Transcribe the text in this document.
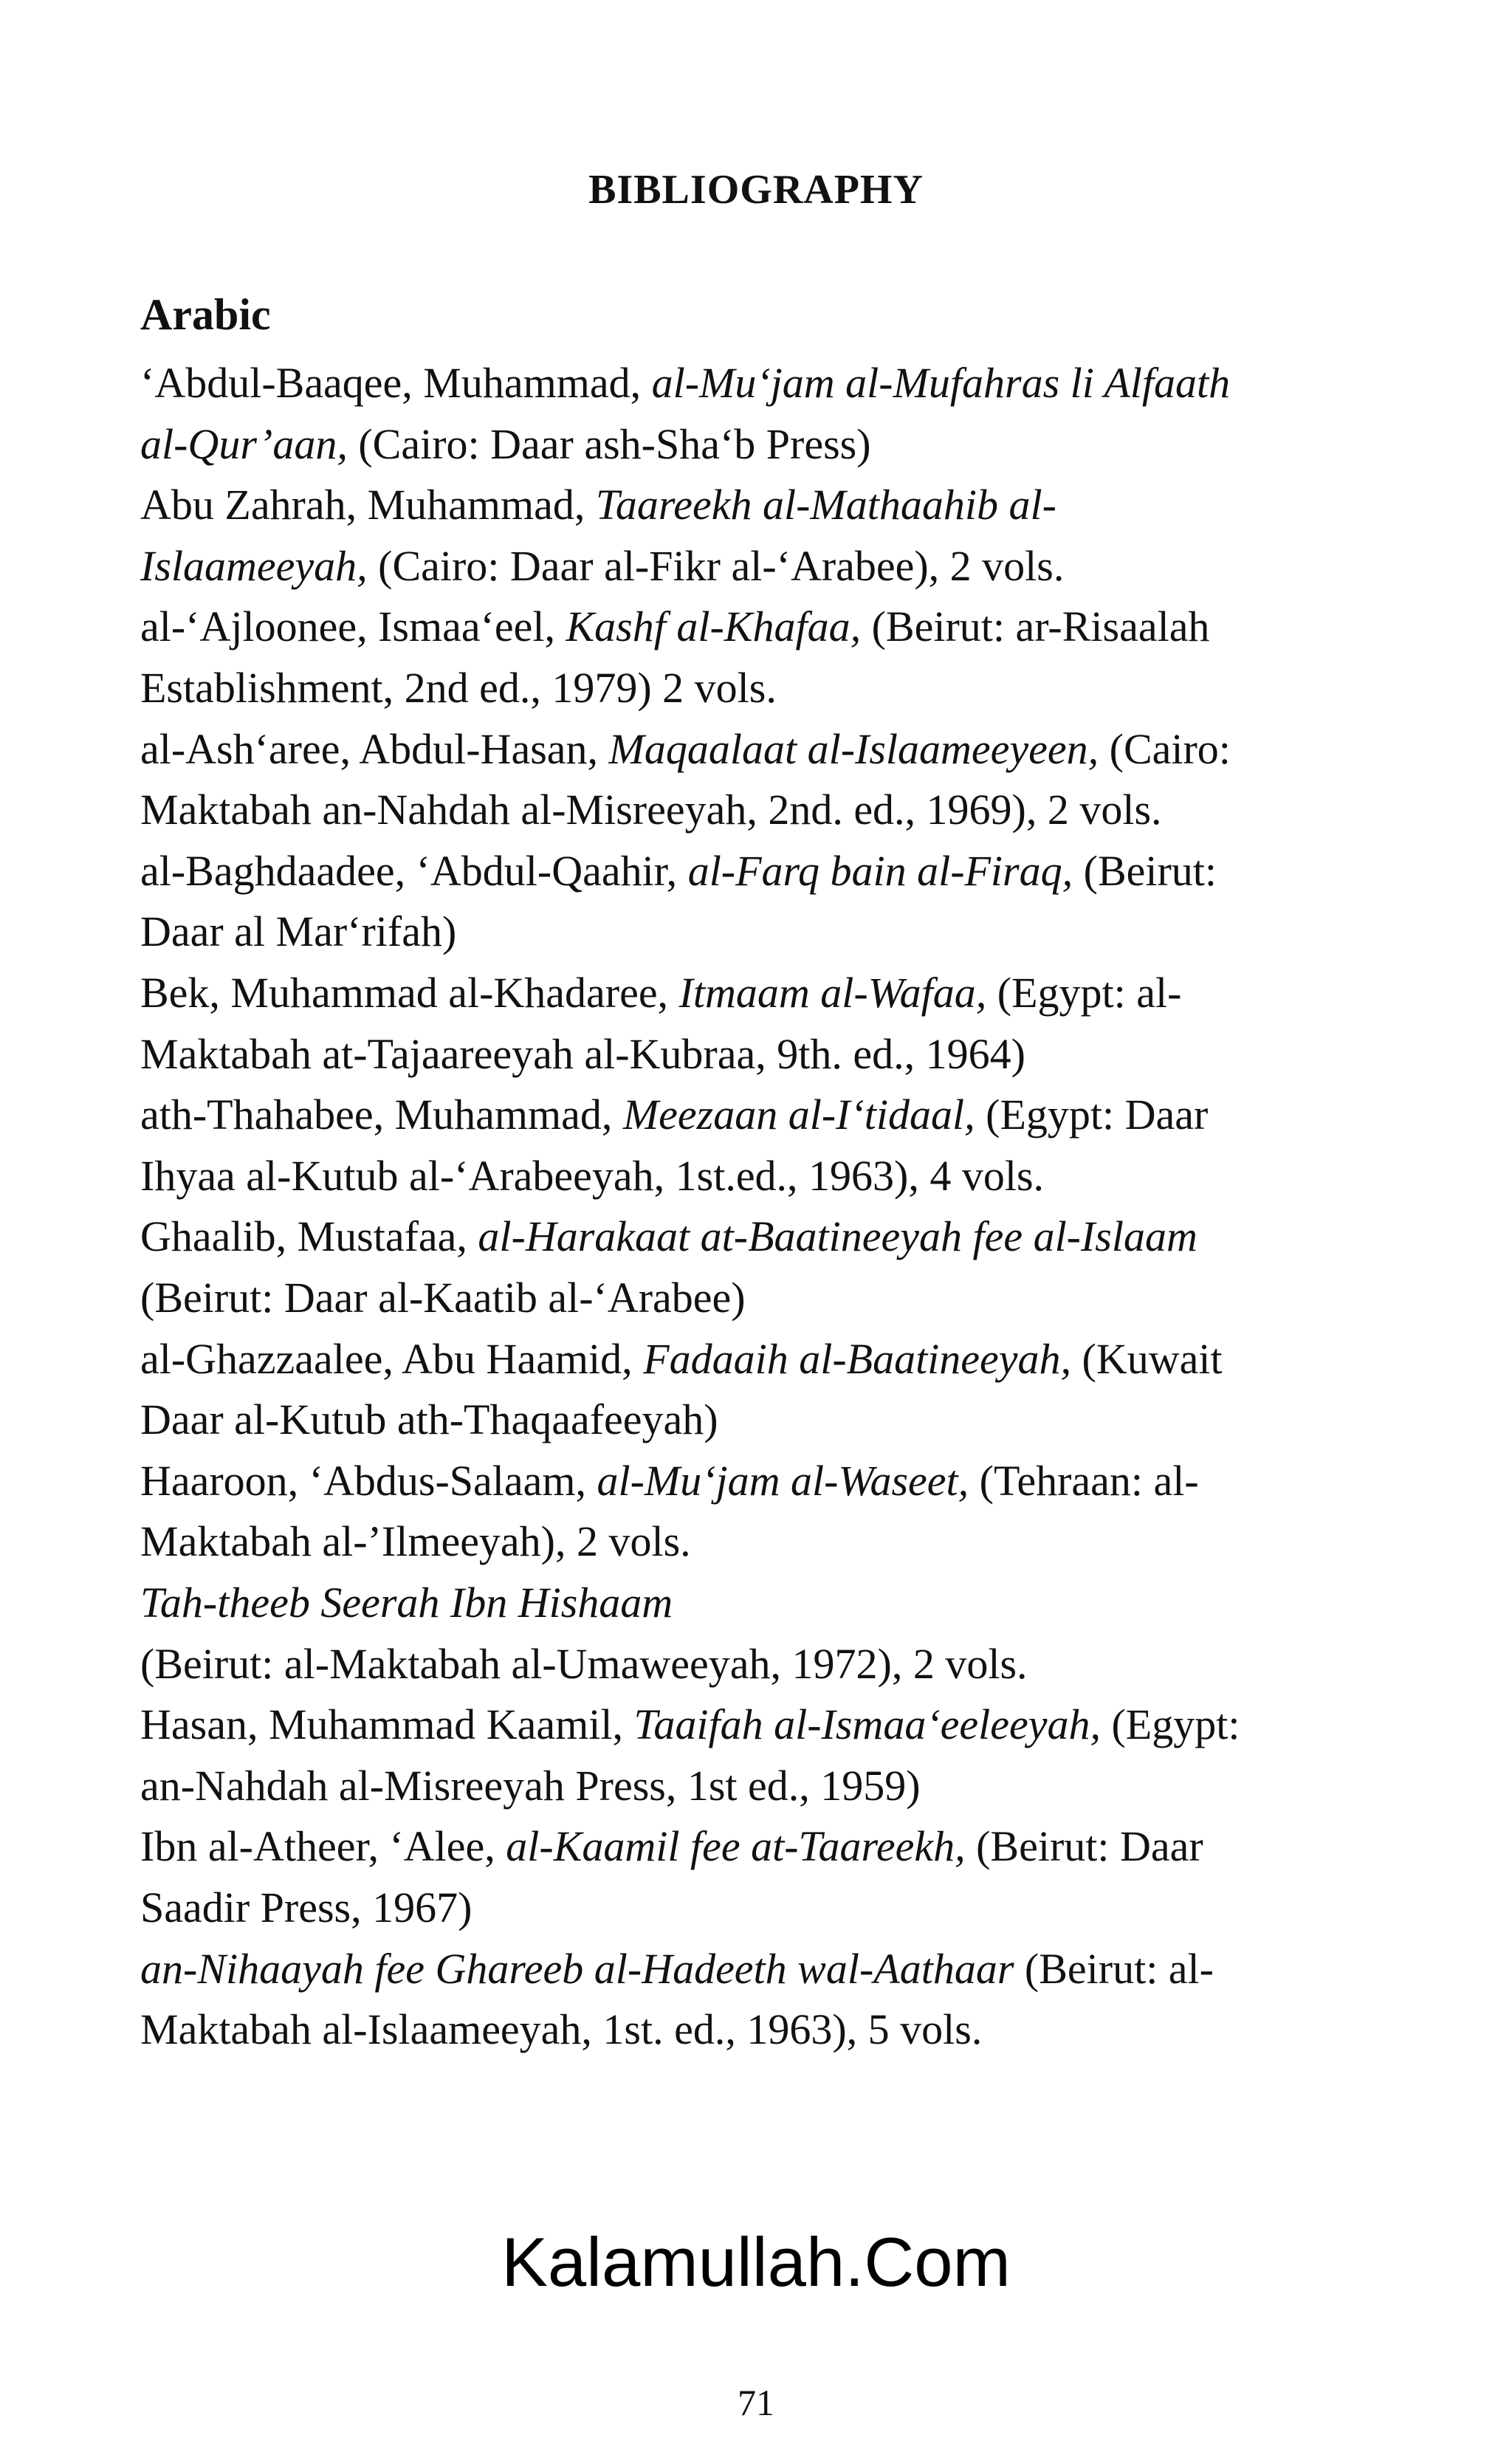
BIBLIOGRAPHY
Arabic
‘Abdul-Baaqee, Muhammad, al-Mu‘jam al-Mufahras li Alfaath
al-Qur’aan, (Cairo: Daar ash-Sha‘b Press)
Abu Zahrah, Muhammad, Taareekh al-Mathaahib al-
Islaameeyah, (Cairo: Daar al-Fikr al-‘Arabee), 2 vols.
al-‘Ajloonee, Ismaa‘eel, Kashf al-Khafaa, (Beirut: ar-Risaalah
Establishment, 2nd ed., 1979) 2 vols.
al-Ash‘aree, Abdul-Hasan, Maqaalaat al-Islaameeyeen, (Cairo:
Maktabah an-Nahdah al-Misreeyah, 2nd. ed., 1969), 2 vols.
al-Baghdaadee, ‘Abdul-Qaahir, al-Farq bain al-Firaq, (Beirut:
Daar al Mar‘rifah)
Bek, Muhammad al-Khadaree, Itmaam al-Wafaa, (Egypt: al-
Maktabah at-Tajaareeyah al-Kubraa, 9th. ed., 1964)
ath-Thahabee, Muhammad, Meezaan al-I‘tidaal, (Egypt: Daar
Ihyaa al-Kutub al-‘Arabeeyah, 1st.ed., 1963), 4 vols.
Ghaalib, Mustafaa, al-Harakaat at-Baatineeyah fee al-Islaam
(Beirut: Daar al-Kaatib al-‘Arabee)
al-Ghazzaalee, Abu Haamid, Fadaaih al-Baatineeyah, (Kuwait
Daar al-Kutub ath-Thaqaafeeyah)
Haaroon, ‘Abdus-Salaam, al-Mu‘jam al-Waseet, (Tehraan: al-
Maktabah al-’Ilmeeyah), 2 vols.
Tah-theeb Seerah Ibn Hishaam
(Beirut: al-Maktabah al-Umaweeyah, 1972), 2 vols.
Hasan, Muhammad Kaamil, Taaifah al-Ismaa‘eeleeyah, (Egypt:
an-Nahdah al-Misreeyah Press, 1st ed., 1959)
Ibn al-Atheer, ‘Alee, al-Kaamil fee at-Taareekh, (Beirut: Daar
Saadir Press, 1967)
an-Nihaayah fee Ghareeb al-Hadeeth wal-Aathaar (Beirut: al-
Maktabah al-Islaameeyah, 1st. ed., 1963), 5 vols.
Kalamullah.Com
71
